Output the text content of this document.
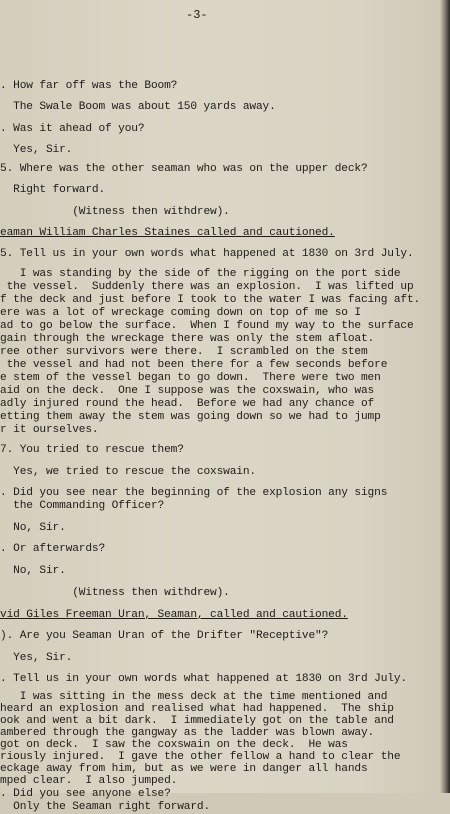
-3-
. How far off was the Boom?
The Swale Boom was about 150 yards away.
. Was it ahead of you?
Yes, Sir.
5. Where was the other seaman who was on the upper deck?
Right forward.
(Witness then withdrew).
eaman William Charles Staines called and cautioned.
5. Tell us in your own words what happened at 1830 on 3rd July.
I was standing by the side of the rigging on the port side
the vessel.  Suddenly there was an explosion.  I was lifted up
f the deck and just before I took to the water I was facing aft.
ere was a lot of wreckage coming down on top of me so I
ad to go below the surface.  When I found my way to the surface
gain through the wreckage there was only the stem afloat.
ree other survivors were there.  I scrambled on the stem
the vessel and had not been there for a few seconds before
e stem of the vessel began to go down.  There were two men
aid on the deck.  One I suppose was the coxswain, who was
adly injured round the head.  Before we had any chance of
etting them away the stem was going down so we had to jump
r it ourselves.
7. You tried to rescue them?
Yes, we tried to rescue the coxswain.
. Did you see near the beginning of the explosion any signs
the Commanding Officer?
No, Sir.
. Or afterwards?
No, Sir.
(Witness then withdrew).
vid Giles Freeman Uran, Seaman, called and cautioned.
). Are you Seaman Uran of the Drifter "Receptive"?
Yes, Sir.
. Tell us in your own words what happened at 1830 on 3rd July.
I was sitting in the mess deck at the time mentioned and
heard an explosion and realised what had happened.  The ship
ook and went a bit dark.  I immediately got on the table and
ambered through the gangway as the ladder was blown away.
got on deck.  I saw the coxswain on the deck.  He was
riously injured.  I gave the other fellow a hand to clear the
eckage away from him, but as we were in danger all hands
mped clear.  I also jumped.
. Did you see anyone else?
Only the Seaman right forward.
